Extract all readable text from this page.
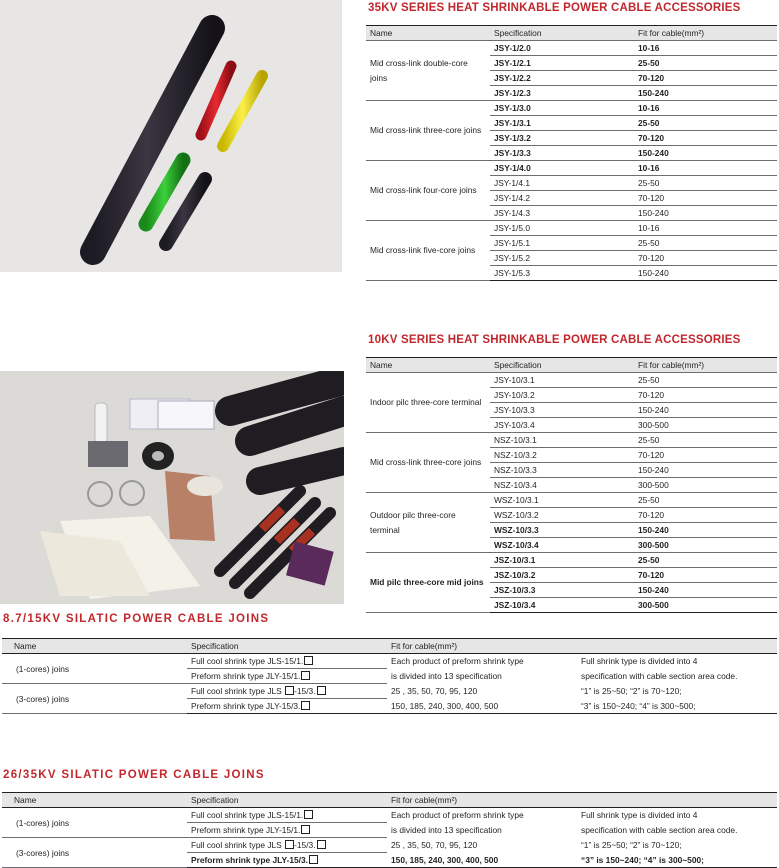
35KV SERIES HEAT SHRINKABLE POWER CABLE ACCESSORIES
Name	Specification	Fit for cable(mm²)
Mid cross-link double-core joins	JSY-1/2.0	10-16
	JSY-1/2.1	25-50
	JSY-1/2.2	70-120
	JSY-1/2.3	150-240
Mid cross-link three-core joins	JSY-1/3.0	10-16
	JSY-1/3.1	25-50
	JSY-1/3.2	70-120
	JSY-1/3.3	150-240
Mid cross-link four-core joins	JSY-1/4.0	10-16
	JSY-1/4.1	25-50
	JSY-1/4.2	70-120
	JSY-1/4.3	150-240
Mid cross-link five-core joins	JSY-1/5.0	10-16
	JSY-1/5.1	25-50
	JSY-1/5.2	70-120
	JSY-1/5.3	150-240
10KV SERIES HEAT SHRINKABLE POWER CABLE ACCESSORIES
Name	Specification	Fit for cable(mm²)
Indoor pilc three-core terminal	JSY-10/3.1	25-50
	JSY-10/3.2	70-120
	JSY-10/3.3	150-240
	JSY-10/3.4	300-500
Mid cross-link three-core joins	NSZ-10/3.1	25-50
	NSZ-10/3.2	70-120
	NSZ-10/3.3	150-240
	NSZ-10/3.4	300-500
Outdoor pilc three-core terminal	WSZ-10/3.1	25-50
	WSZ-10/3.2	70-120
	WSZ-10/3.3	150-240
	WSZ-10/3.4	300-500
Mid pilc three-core mid joins	JSZ-10/3.1	25-50
	JSZ-10/3.2	70-120
	JSZ-10/3.3	150-240
	JSZ-10/3.4	300-500
8.7/15KV SILATIC POWER CABLE JOINS
Name	Specification	Fit for cable(mm²)	
(1-cores) joins	Full cool shrink type JLS-15/1.	Each product of preform shrink type	Full shrink type is divided into 4
	Preform shrink type JLY-15/1.	is divided into 13 specification	specification with cable section area code.
(3-cores) joins	Full cool shrink type JLS -15/3.	25 , 35, 50, 70, 95, 120	“1” is 25~50; “2” is 70~120;
	Preform shrink type JLY-15/3.	150, 185, 240, 300, 400, 500	“3” is 150~240; “4” is 300~500;
26/35KV SILATIC POWER CABLE JOINS
Name	Specification	Fit for cable(mm²)	
(1-cores) joins	Full cool shrink type JLS-15/1.	Each product of preform shrink type	Full shrink type is divided into 4
	Preform shrink type JLY-15/1.	is divided into 13 specification	specification with cable section area code.
(3-cores) joins	Full cool shrink type JLS -15/3.	25 , 35, 50, 70, 95, 120	“1” is 25~50; “2” is 70~120;
	Preform shrink type JLY-15/3.	150, 185, 240, 300, 400, 500	“3” is 150~240; “4” is 300~500;
